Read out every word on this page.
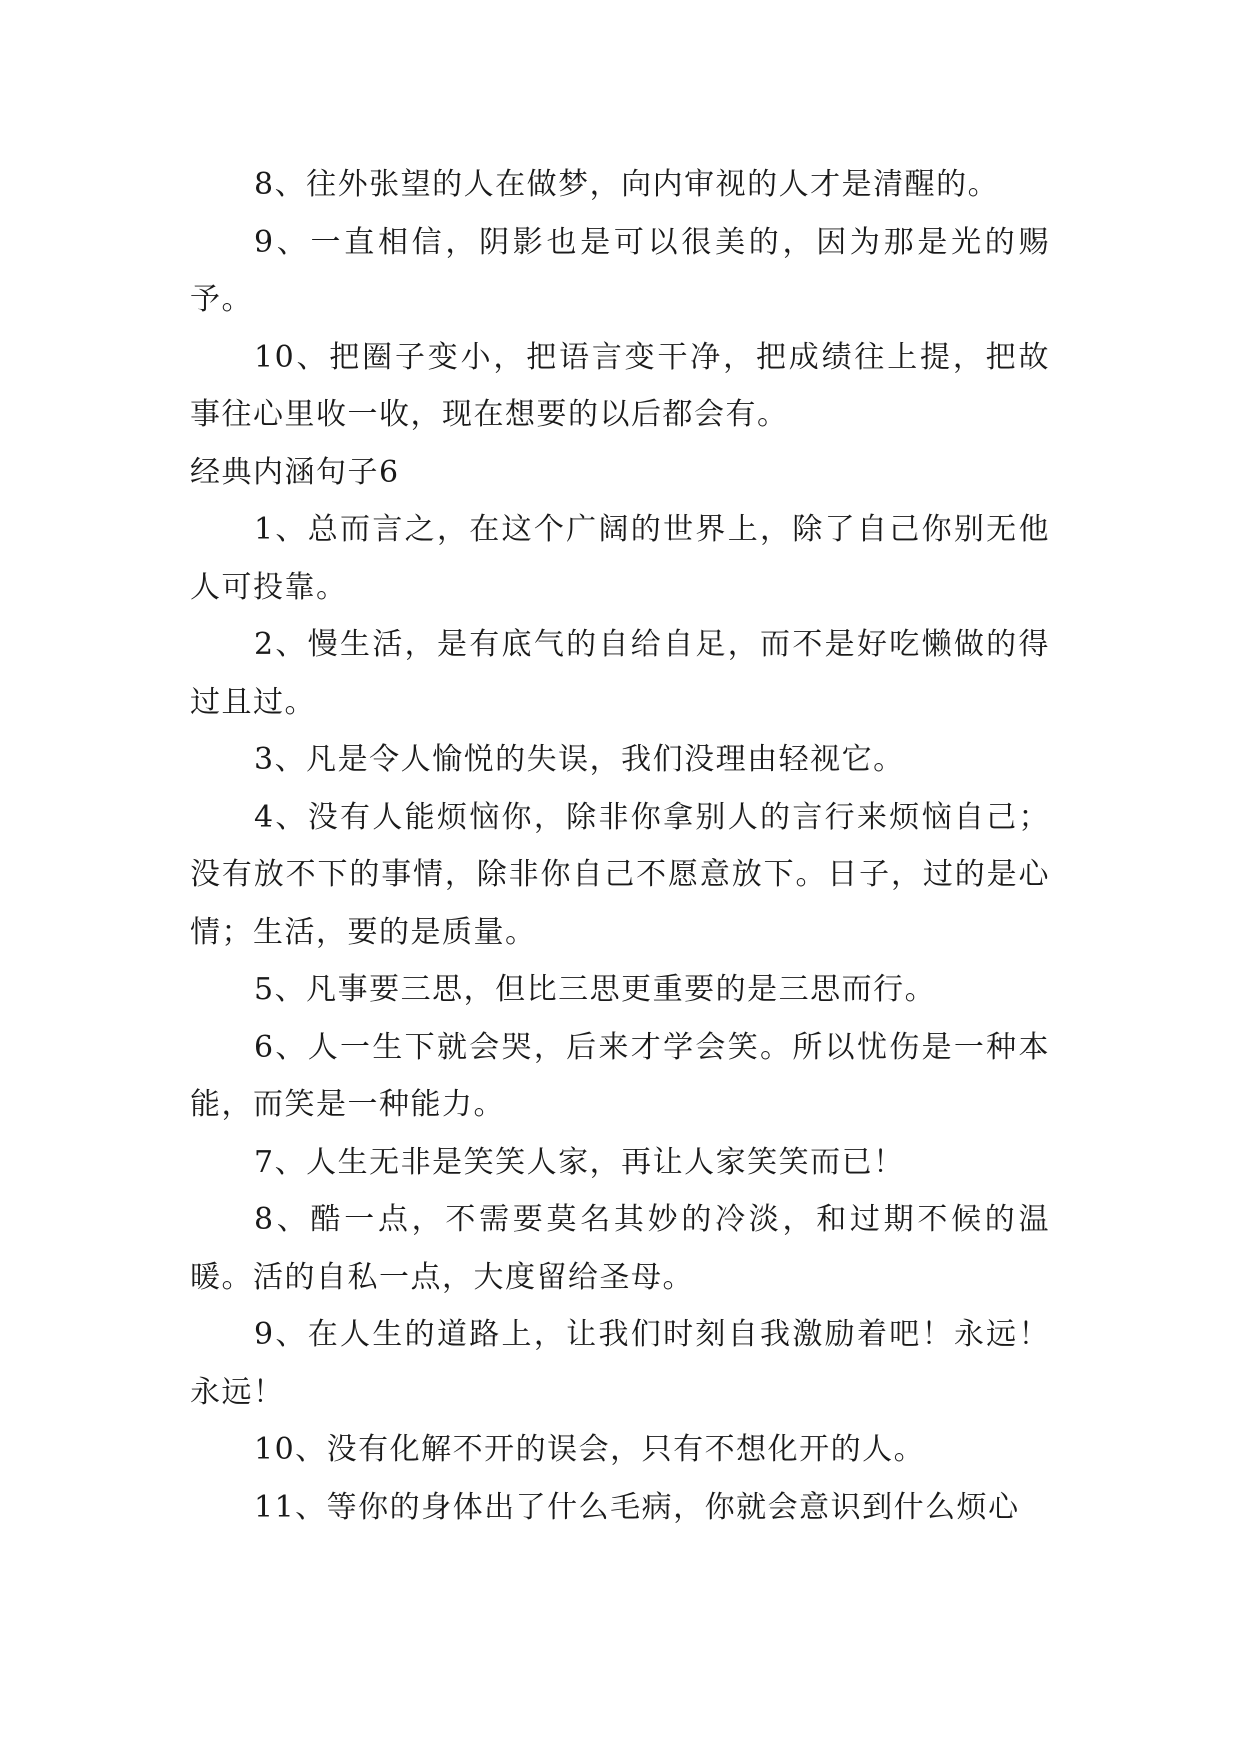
8、往外张望的人在做梦，向内审视的人才是清醒的。

9、一直相信，阴影也是可以很美的，因为那是光的赐予。

10、把圈子变小，把语言变干净，把成绩往上提，把故事往心里收一收，现在想要的以后都会有。

经典内涵句子6

1、总而言之，在这个广阔的世界上，除了自己你别无他人可投靠。

2、慢生活，是有底气的自给自足，而不是好吃懒做的得过且过。

3、凡是令人愉悦的失误，我们没理由轻视它。

4、没有人能烦恼你，除非你拿别人的言行来烦恼自己；没有放不下的事情，除非你自己不愿意放下。日子，过的是心情；生活，要的是质量。

5、凡事要三思，但比三思更重要的是三思而行。

6、人一生下就会哭，后来才学会笑。所以忧伤是一种本能，而笑是一种能力。

7、人生无非是笑笑人家，再让人家笑笑而已！

8、酷一点，不需要莫名其妙的冷淡，和过期不候的温暖。活的自私一点，大度留给圣母。

9、在人生的道路上，让我们时刻自我激励着吧！永远！永远！

10、没有化解不开的误会，只有不想化开的人。

11、等你的身体出了什么毛病，你就会意识到什么烦心
